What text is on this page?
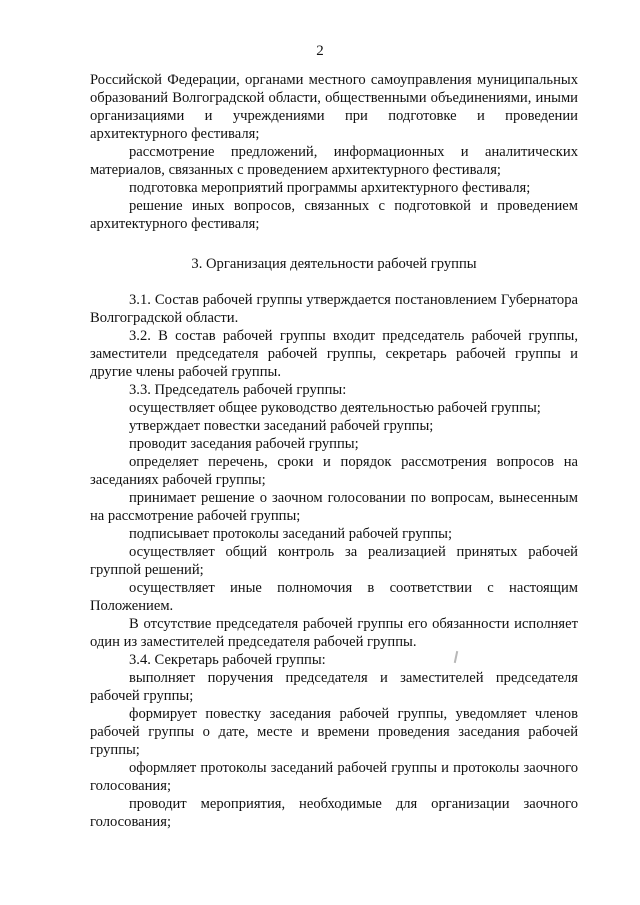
2

Российской Федерации, органами местного самоуправления муниципальных образований Волгоградской области, общественными объединениями, иными организациями и учреждениями при подготовке и проведении архитектурного фестиваля;

рассмотрение предложений, информационных и аналитических материалов, связанных с проведением архитектурного фестиваля;

подготовка мероприятий программы архитектурного фестиваля;

решение иных вопросов, связанных с подготовкой и проведением архитектурного фестиваля;

3. Организация деятельности рабочей группы

3.1. Состав рабочей группы утверждается постановлением Губернатора Волгоградской области.

3.2. В состав рабочей группы входит председатель рабочей группы, заместители председателя рабочей группы, секретарь рабочей группы и другие члены рабочей группы.

3.3. Председатель рабочей группы:

осуществляет общее руководство деятельностью рабочей группы;

утверждает повестки заседаний рабочей группы;

проводит заседания рабочей группы;

определяет перечень, сроки и порядок рассмотрения вопросов на заседаниях рабочей группы;

принимает решение о заочном голосовании по вопросам, вынесенным на рассмотрение рабочей группы;

подписывает протоколы заседаний рабочей группы;

осуществляет общий контроль за реализацией принятых рабочей группой решений;

осуществляет иные полномочия в соответствии с настоящим Положением.

В отсутствие председателя рабочей группы его обязанности исполняет один из заместителей председателя рабочей группы.

3.4. Секретарь рабочей группы:

выполняет поручения председателя и заместителей председателя рабочей группы;

формирует повестку заседания рабочей группы, уведомляет членов рабочей группы о дате, месте и времени проведения заседания рабочей группы;

оформляет протоколы заседаний рабочей группы и протоколы заочного голосования;

проводит мероприятия, необходимые для организации заочного голосования;
